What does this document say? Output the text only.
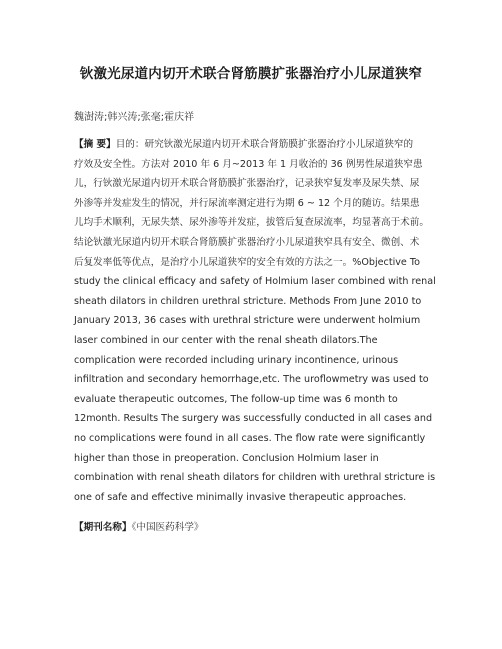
钬激光尿道内切开术联合肾筋膜扩张器治疗小儿尿道狭窄
魏澍涛;韩兴涛;张毫;霍庆祥
【摘 要】目的：研究钬激光尿道内切开术联合肾筋膜扩张器治疗小儿尿道狭窄的
疗效及安全性。方法对 2010 年 6 月~2013 年 1 月收治的 36 例男性尿道狭窄患
儿，行钬激光尿道内切开术联合肾筋膜扩张器治疗，记录狭窄复发率及尿失禁、尿
外渗等并发症发生的情况，并行尿流率测定进行为期 6 ~ 12 个月的随访。结果患
儿均手术顺利，无尿失禁、尿外渗等并发症，拔管后复查尿流率，均显著高于术前。
结论钬激光尿道内切开术联合肾筋膜扩张器治疗小儿尿道狭窄具有安全、微创、术
后复发率低等优点，是治疗小儿尿道狭窄的安全有效的方法之一。%Objective To
study the clinical efficacy and safety of Holmium laser combined with renal
sheath dilators in children urethral stricture. Methods From June 2010 to
January 2013, 36 cases with urethral stricture were underwent holmium
laser combined in our center with the renal sheath dilators.The
complication were recorded including urinary incontinence, urinous
infiltration and secondary hemorrhage,etc. The uroflowmetry was used to
evaluate therapeutic outcomes, The follow-up time was 6 month to
12month. Results The surgery was successfully conducted in all cases and
no complications were found in all cases. The flow rate were significantly
higher than those in preoperation. Conclusion Holmium laser in
combination with renal sheath dilators for children with urethral stricture is
one of safe and effective minimally invasive therapeutic approaches.
【期刊名称】《中国医药科学》
